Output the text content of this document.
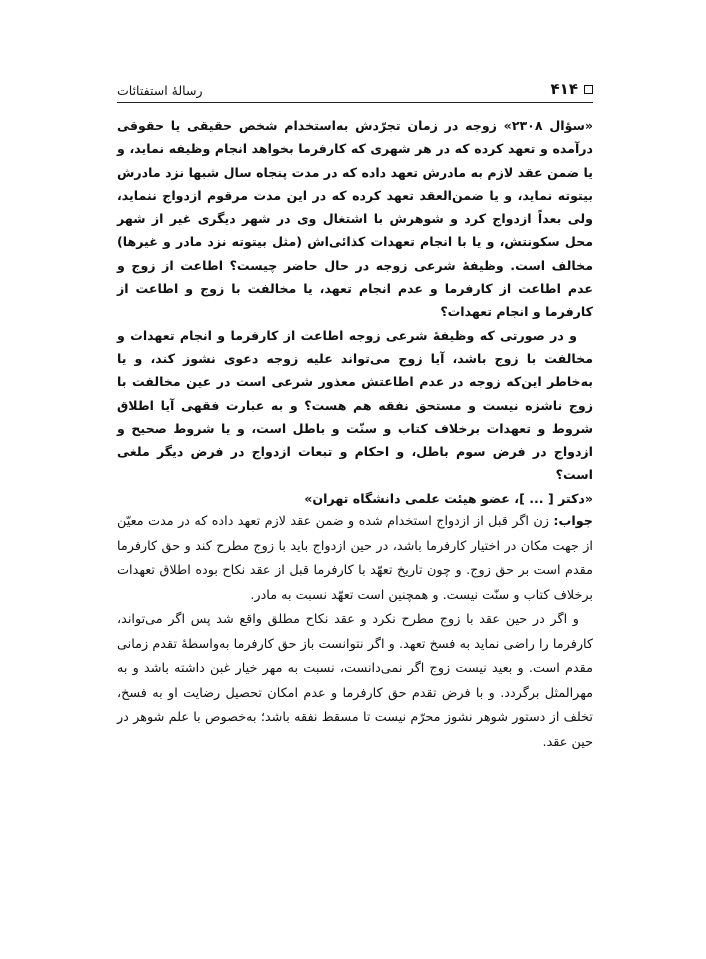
۴۱۴
رسالهٔ استفتائات

«سؤال ۲۳۰۸» زوجه در زمان تجرّدش به‌استخدام شخص حقیقی یا حقوقی درآمده و تعهد کرده که در هر شهری که کارفرما بخواهد انجام وظیفه نماید، و یا ضمن عقد لازم به مادرش تعهد داده که در مدت پنجاه سال شبها نزد مادرش بیتوته نماید، و یا ضمن‌العقد تعهد کرده که در این مدت مرقوم ازدواج ننماید، ولی بعداً ازدواج کرد و شوهرش با اشتغال وی در شهر دیگری غیر از شهر محل سکونتش، و یا با انجام تعهدات کذائی‌اش (مثل بیتوته نزد مادر و غیرها) مخالف است. وظیفهٔ شرعی زوجه در حال حاضر چیست؟ اطاعت از زوج و عدم اطاعت از کارفرما و عدم انجام تعهد، یا مخالفت با زوج و اطاعت از کارفرما و انجام تعهدات؟

و در صورتی که وظیفهٔ شرعی زوجه اطاعت از کارفرما و انجام تعهدات و مخالفت با زوج باشد، آیا زوج می‌تواند علیه زوجه دعوی نشوز کند، و یا به‌خاطر این‌که زوجه در عدم اطاعتش معذور شرعی است در عین مخالفت با زوج ناشزه نیست و مستحق نفقه هم هست؟ و به عبارت فقهی آیا اطلاق شروط و تعهدات برخلاف کتاب و سنّت و باطل است، و یا شروط صحیح و ازدواج در فرض سوم باطل، و احکام و تبعات ازدواج در فرض دیگر ملغی است؟

«دکتر [ ... ]، عضو هیئت علمی دانشگاه تهران»

جواب: زن اگر قبل از ازدواج استخدام شده و ضمن عقد لازم تعهد داده که در مدت معیّن از جهت مکان در اختیار کارفرما باشد، در حین ازدواج باید با زوج مطرح کند و حق کارفرما مقدم است بر حق زوج. و چون تاریخ تعهّد با کارفرما قبل از عقد نکاح بوده اطلاق تعهدات برخلاف کتاب و سنّت نیست. و همچنین است تعهّد نسبت به مادر.

و اگر در حین عقد با زوج مطرح نکرد و عقد نکاح مطلق واقع شد پس اگر می‌تواند، کارفرما را راضی نماید به فسخ تعهد. و اگر نتوانست باز حق کارفرما به‌واسطهٔ تقدم زمانی مقدم است. و بعید نیست زوج اگر نمی‌دانست، نسبت به مهر خیار غبن داشته باشد و به مهرالمثل برگردد. و با فرض تقدم حق کارفرما و عدم امکان تحصیل رضایت او به فسخ، تخلف از دستور شوهر نشوز محرّم نیست تا مسقط نفقه باشد؛ به‌خصوص با علم شوهر در حین عقد.
